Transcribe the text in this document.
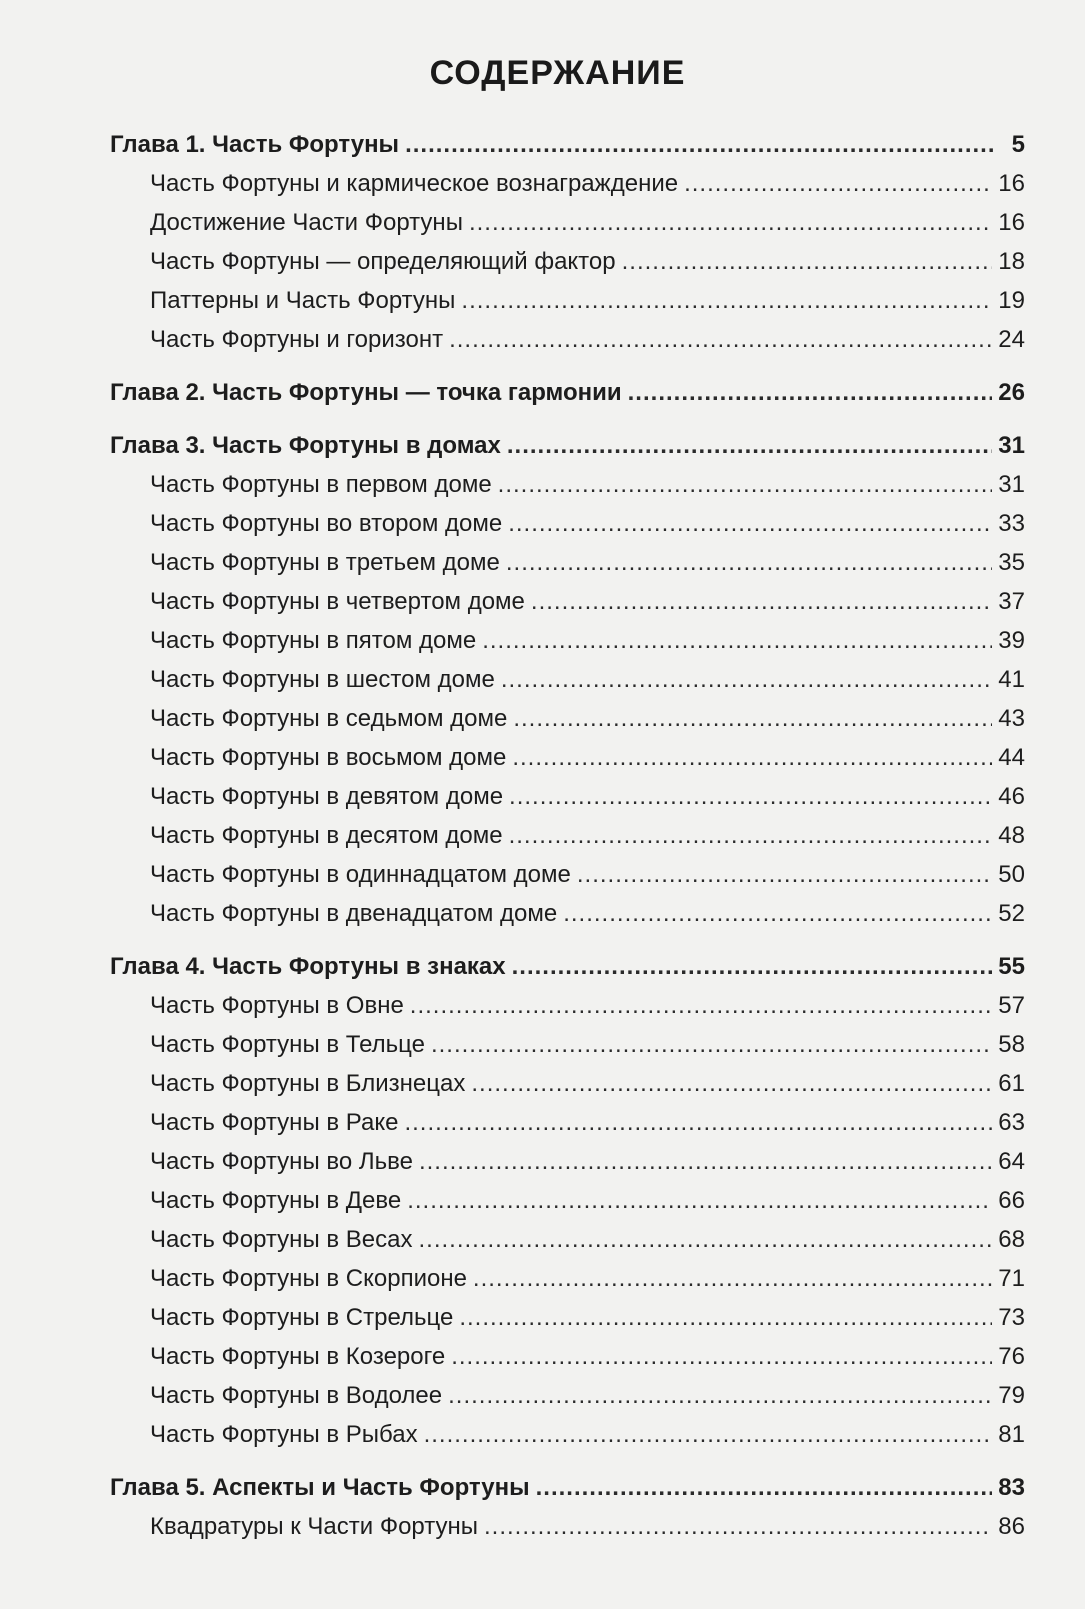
СОДЕРЖАНИЕ
Глава 1. Часть Фортуны .....	5
Часть Фортуны и кармическое вознаграждение .....	16
Достижение Части Фортуны .....	16
Часть Фортуны — определяющий фактор .....	18
Паттерны и Часть Фортуны .....	19
Часть Фортуны и горизонт .....	24
Глава 2. Часть Фортуны — точка гармонии .....	26
Глава 3. Часть Фортуны в домах .....	31
Часть Фортуны в первом доме .....	31
Часть Фортуны во втором доме .....	33
Часть Фортуны в третьем доме .....	35
Часть Фортуны в четвертом доме .....	37
Часть Фортуны в пятом доме .....	39
Часть Фортуны в шестом доме .....	41
Часть Фортуны в седьмом доме .....	43
Часть Фортуны в восьмом доме .....	44
Часть Фортуны в девятом доме .....	46
Часть Фортуны в десятом доме .....	48
Часть Фортуны в одиннадцатом доме .....	50
Часть Фортуны в двенадцатом доме .....	52
Глава 4. Часть Фортуны в знаках .....	55
Часть Фортуны в Овне .....	57
Часть Фортуны в Тельце .....	58
Часть Фортуны в Близнецах .....	61
Часть Фортуны в Раке .....	63
Часть Фортуны во Льве .....	64
Часть Фортуны в Деве .....	66
Часть Фортуны в Весах .....	68
Часть Фортуны в Скорпионе .....	71
Часть Фортуны в Стрельце .....	73
Часть Фортуны в Козероге .....	76
Часть Фортуны в Водолее .....	79
Часть Фортуны в Рыбах .....	81
Глава 5. Аспекты и Часть Фортуны .....	83
Квадратуры к Части Фортуны .....	86
